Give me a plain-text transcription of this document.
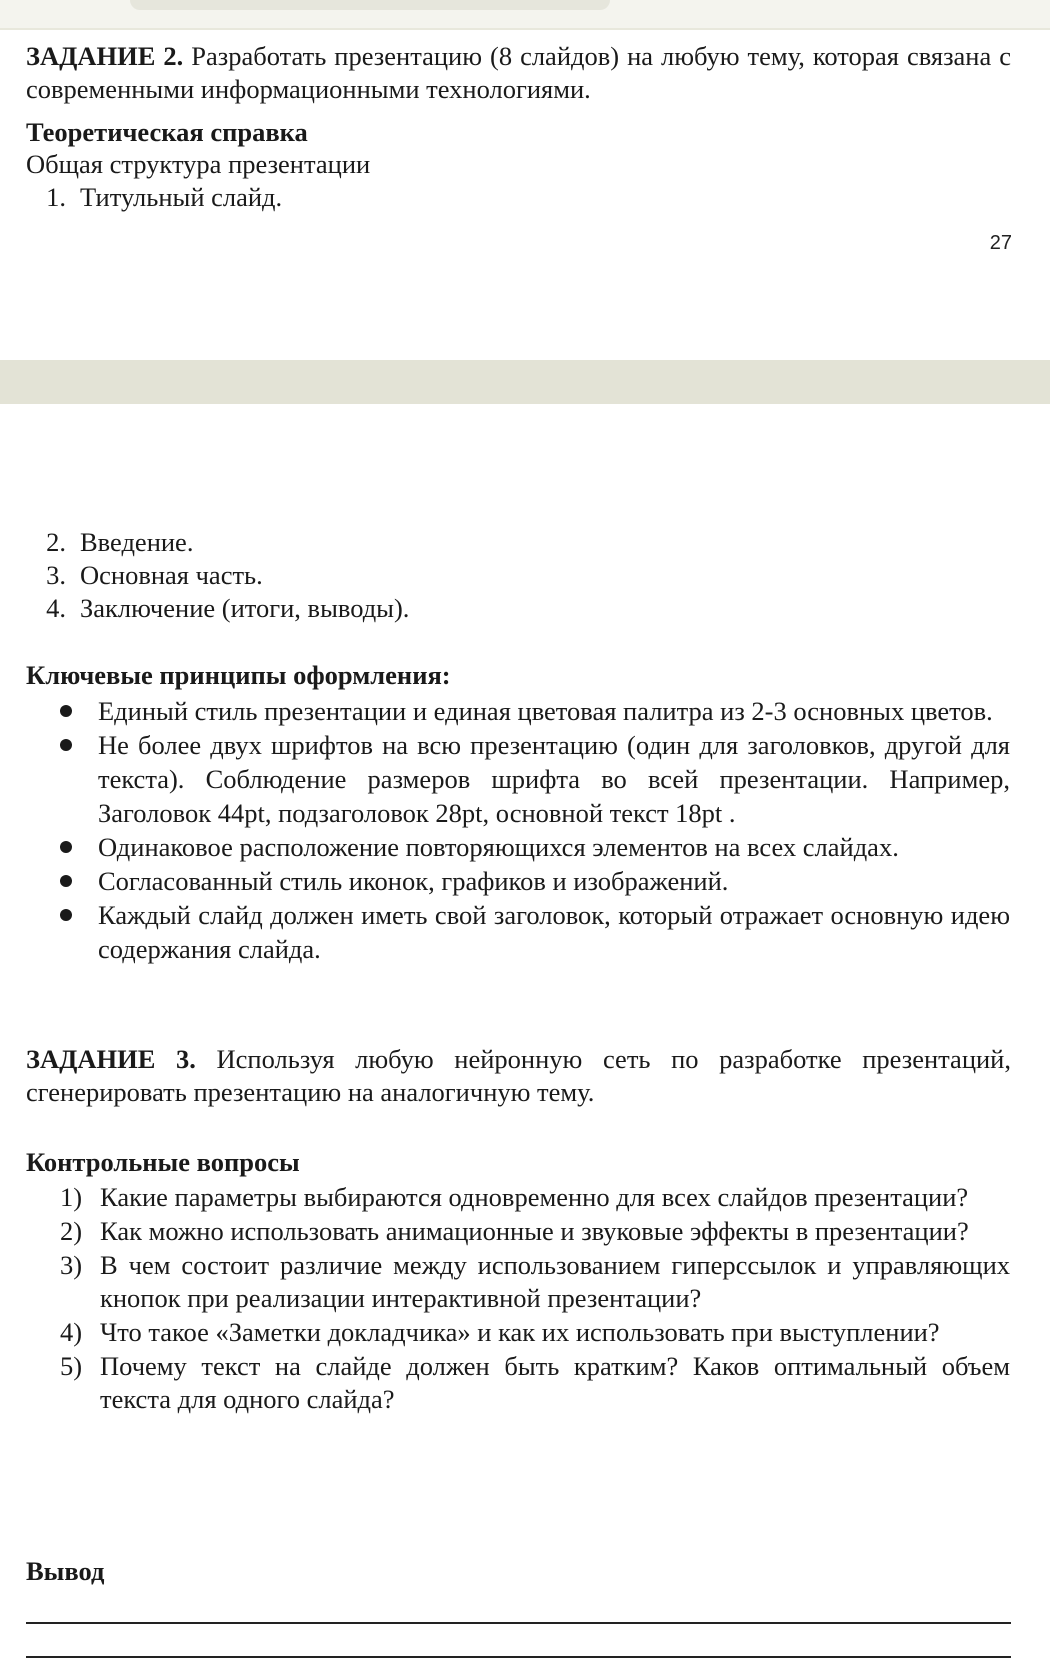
ЗАДАНИЕ 2. Разработать презентацию (8 слайдов) на любую тему, которая связана с современными информационными технологиями.
Теоретическая справка
Общая структура презентации
1. Титульный слайд.
27
2. Введение.
3. Основная часть.
4. Заключение (итоги, выводы).
Ключевые принципы оформления:
Единый стиль презентации и единая цветовая палитра из 2-3 основных цветов.
Не более двух шрифтов на всю презентацию (один для заголовков, другой для текста). Соблюдение размеров шрифта во всей презентации. Например, Заголовок 44pt, подзаголовок 28pt, основной текст 18pt .
Одинаковое расположение повторяющихся элементов на всех слайдах.
Согласованный стиль иконок, графиков и изображений.
Каждый слайд должен иметь свой заголовок, который отражает основную идею содержания слайда.
ЗАДАНИЕ 3. Используя любую нейронную сеть по разработке презентаций, сгенерировать презентацию на аналогичную тему.
Контрольные вопросы
1) Какие параметры выбираются одновременно для всех слайдов презентации?
2) Как можно использовать анимационные и звуковые эффекты в презентации?
3) В чем состоит различие между использованием гиперссылок и управляющих кнопок при реализации интерактивной презентации?
4) Что такое «Заметки докладчика» и как их использовать при выступлении?
5) Почему текст на слайде должен быть кратким? Каков оптимальный объем текста для одного слайда?
Вывод
